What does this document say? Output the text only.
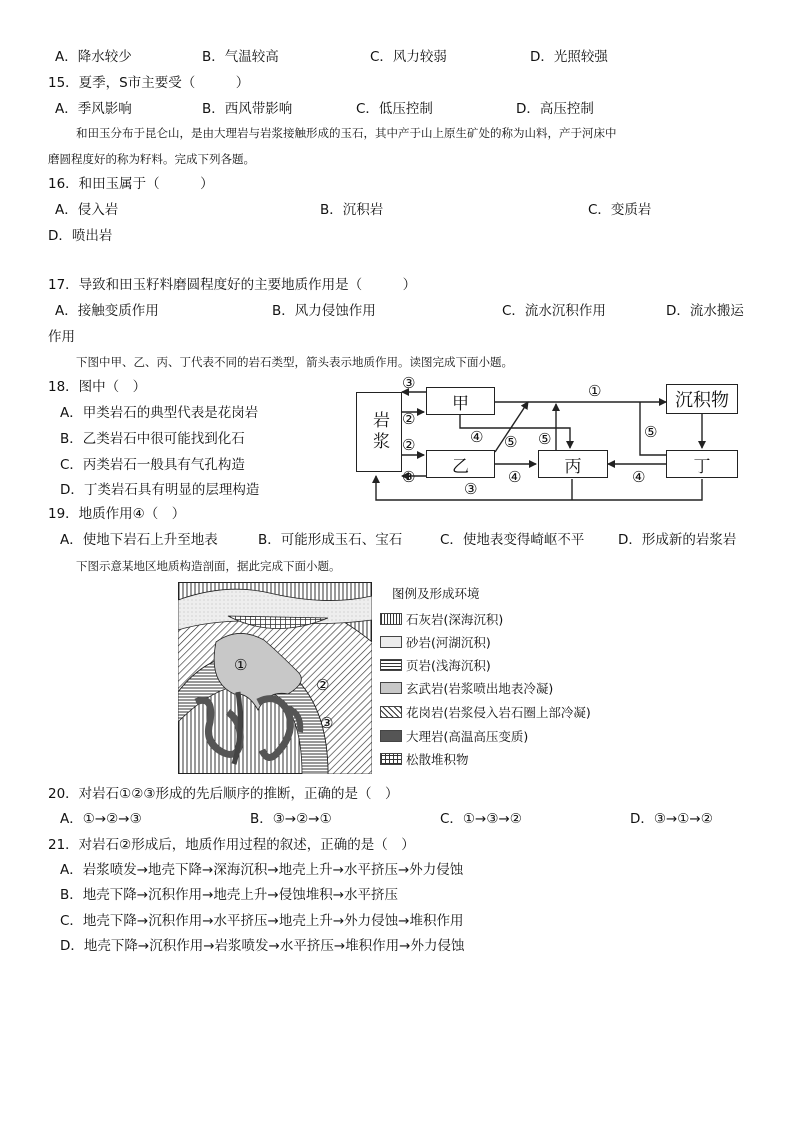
A．降水较少	B．气温较高	C．风力较弱	D．光照较强
15．夏季，S市主要受（　　　）
A．季风影响	B．西风带影响	C．低压控制	D．高压控制
和田玉分布于昆仑山，是由大理岩与岩浆接触形成的玉石，其中产于山上原生矿处的称为山料，产于河床中
磨圆程度好的称为籽料。完成下列各题。
16．和田玉属于（　　　）
A．侵入岩	B．沉积岩	C．变质岩
D．喷出岩
17．导致和田玉籽料磨圆程度好的主要地质作用是（　　　）
A．接触变质作用	B．风力侵蚀作用	C．流水沉积作用	D．流水搬运
作用
下图中甲、乙、丙、丁代表不同的岩石类型，箭头表示地质作用。读图完成下面小题。
18．图中（　）
A．甲类岩石的典型代表是花岗岩
B．乙类岩石中很可能找到化石
C．丙类岩石一般具有气孔构造
D．丁类岩石具有明显的层理构造
岩浆
甲	沉积物
乙	丙	丁
③
②
②
③
①
④ ⑤ ⑤	⑤
④	④
③
19．地质作用④（　）
A．使地下岩石上升至地表	B．可能形成玉石、宝石	C．使地表变得崎岖不平 D．形成新的岩浆岩
下图示意某地区地质构造剖面，据此完成下面小题。
①
②
③
图例及形成环境
石灰岩(深海沉积)
砂岩(河湖沉积)
页岩(浅海沉积)
玄武岩(岩浆喷出地表冷凝)
花岗岩(岩浆侵入岩石圈上部冷凝)
大理岩(高温高压变质)
松散堆积物
20．对岩石①②③形成的先后顺序的推断，正确的是（　）
A．①→②→③	B．③→②→①	C．①→③→②	D．③→①→②
21．对岩石②形成后，地质作用过程的叙述，正确的是（　）
A．岩浆喷发→地壳下降→深海沉积→地壳上升→水平挤压→外力侵蚀
B．地壳下降→沉积作用→地壳上升→侵蚀堆积→水平挤压
C．地壳下降→沉积作用→水平挤压→地壳上升→外力侵蚀→堆积作用
D．地壳下降→沉积作用→岩浆喷发→水平挤压→堆积作用→外力侵蚀
